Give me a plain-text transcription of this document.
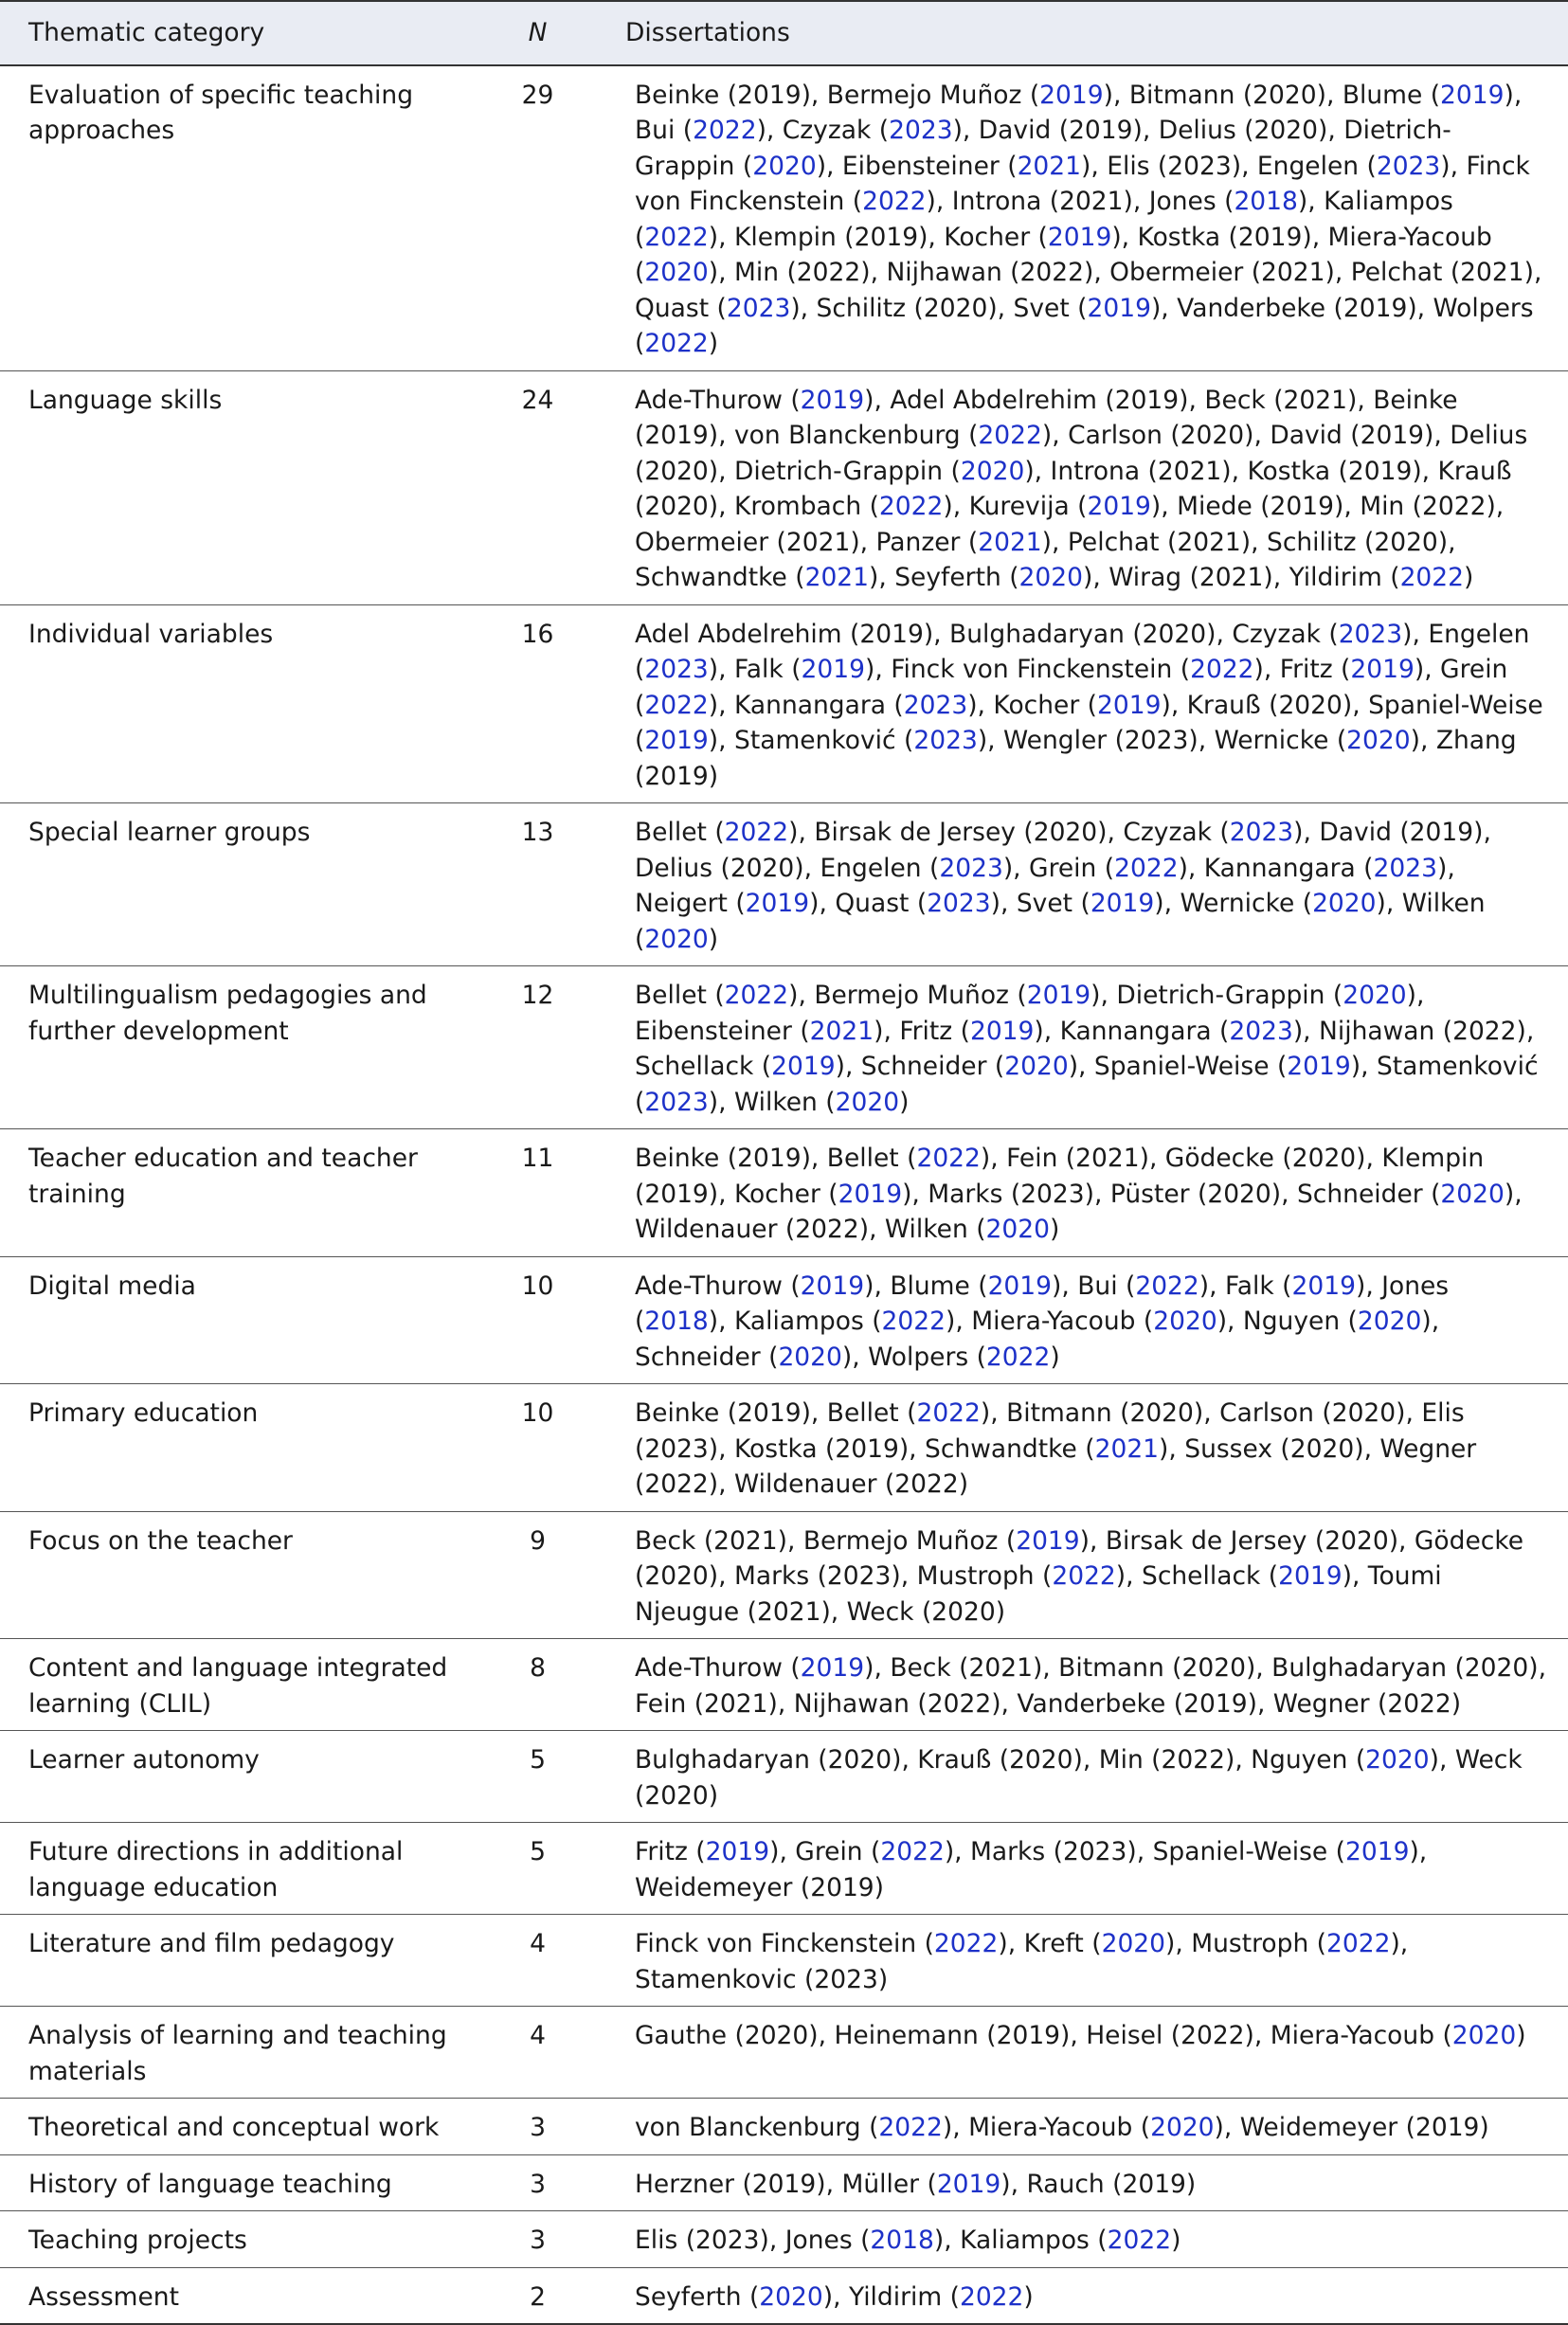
Thematic category	N	Dissertations
Evaluation of specific teaching approaches	29	Beinke (2019), Bermejo Muñoz (2019), Bitmann (2020), Blume (2019), Bui (2022), Czyzak (2023), David (2019), Delius (2020), Dietrich-Grappin (2020), Eibensteiner (2021), Elis (2023), Engelen (2023), Finck von Finckenstein (2022), Introna (2021), Jones (2018), Kaliampos (2022), Klempin (2019), Kocher (2019), Kostka (2019), Miera-Yacoub (2020), Min (2022), Nijhawan (2022), Obermeier (2021), Pelchat (2021), Quast (2023), Schilitz (2020), Svet (2019), Vanderbeke (2019), Wolpers (2022)
Language skills	24	Ade-Thurow (2019), Adel Abdelrehim (2019), Beck (2021), Beinke (2019), von Blanckenburg (2022), Carlson (2020), David (2019), Delius (2020), Dietrich-Grappin (2020), Introna (2021), Kostka (2019), Krauß (2020), Krombach (2022), Kurevija (2019), Miede (2019), Min (2022), Obermeier (2021), Panzer (2021), Pelchat (2021), Schilitz (2020), Schwandtke (2021), Seyferth (2020), Wirag (2021), Yildirim (2022)
Individual variables	16	Adel Abdelrehim (2019), Bulghadaryan (2020), Czyzak (2023), Engelen (2023), Falk (2019), Finck von Finckenstein (2022), Fritz (2019), Grein (2022), Kannangara (2023), Kocher (2019), Krauß (2020), Spaniel-Weise (2019), Stamenković (2023), Wengler (2023), Wernicke (2020), Zhang (2019)
Special learner groups	13	Bellet (2022), Birsak de Jersey (2020), Czyzak (2023), David (2019), Delius (2020), Engelen (2023), Grein (2022), Kannangara (2023), Neigert (2019), Quast (2023), Svet (2019), Wernicke (2020), Wilken (2020)
Multilingualism pedagogies and further development	12	Bellet (2022), Bermejo Muñoz (2019), Dietrich-Grappin (2020), Eibensteiner (2021), Fritz (2019), Kannangara (2023), Nijhawan (2022), Schellack (2019), Schneider (2020), Spaniel-Weise (2019), Stamenković (2023), Wilken (2020)
Teacher education and teacher training	11	Beinke (2019), Bellet (2022), Fein (2021), Gödecke (2020), Klempin (2019), Kocher (2019), Marks (2023), Püster (2020), Schneider (2020), Wildenauer (2022), Wilken (2020)
Digital media	10	Ade-Thurow (2019), Blume (2019), Bui (2022), Falk (2019), Jones (2018), Kaliampos (2022), Miera-Yacoub (2020), Nguyen (2020), Schneider (2020), Wolpers (2022)
Primary education	10	Beinke (2019), Bellet (2022), Bitmann (2020), Carlson (2020), Elis (2023), Kostka (2019), Schwandtke (2021), Sussex (2020), Wegner (2022), Wildenauer (2022)
Focus on the teacher	9	Beck (2021), Bermejo Muñoz (2019), Birsak de Jersey (2020), Gödecke (2020), Marks (2023), Mustroph (2022), Schellack (2019), Toumi Njeugue (2021), Weck (2020)
Content and language integrated learning (CLIL)	8	Ade-Thurow (2019), Beck (2021), Bitmann (2020), Bulghadaryan (2020), Fein (2021), Nijhawan (2022), Vanderbeke (2019), Wegner (2022)
Learner autonomy	5	Bulghadaryan (2020), Krauß (2020), Min (2022), Nguyen (2020), Weck (2020)
Future directions in additional language education	5	Fritz (2019), Grein (2022), Marks (2023), Spaniel-Weise (2019), Weidemeyer (2019)
Literature and film pedagogy	4	Finck von Finckenstein (2022), Kreft (2020), Mustroph (2022), Stamenkovic (2023)
Analysis of learning and teaching materials	4	Gauthe (2020), Heinemann (2019), Heisel (2022), Miera-Yacoub (2020)
Theoretical and conceptual work	3	von Blanckenburg (2022), Miera-Yacoub (2020), Weidemeyer (2019)
History of language teaching	3	Herzner (2019), Müller (2019), Rauch (2019)
Teaching projects	3	Elis (2023), Jones (2018), Kaliampos (2022)
Assessment	2	Seyferth (2020), Yildirim (2022)
